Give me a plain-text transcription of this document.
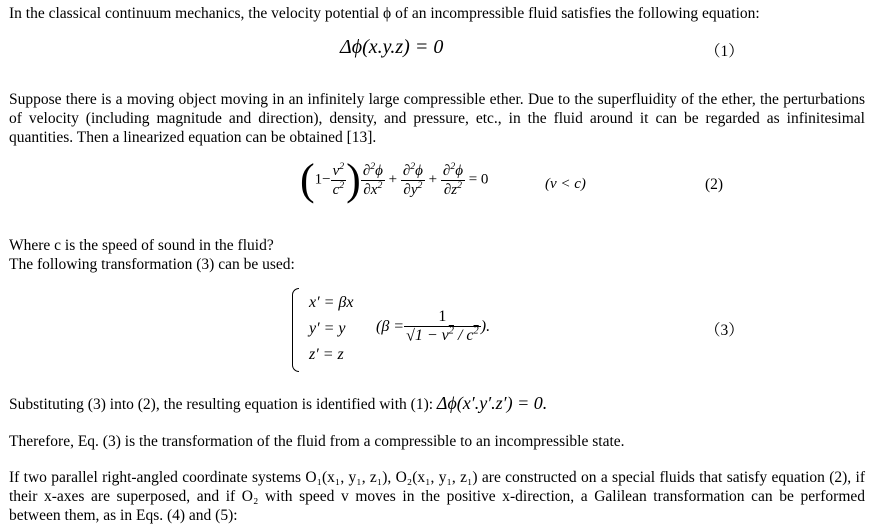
In the classical continuum mechanics, the velocity potential ϕ of an incompressible fluid satisfies the following equation:
Δϕ(x.y.z) = 0	（1）
Suppose there is a moving object moving in an infinitely large compressible ether. Due to the superfluidity of the ether, the perturbations of velocity (including magnitude and direction), density, and pressure, etc., in the fluid around it can be regarded as infinitesimal quantities. Then a linearized equation can be obtained [13].
($1- \frac{v^2}{c^2}$ ) $\frac{\partial^2\phi}{\partial x^2} + \frac{\partial^2\phi}{\partial y^2} + \frac{\partial^2\phi}{\partial z^2} = 0$	(v < c)	(2)
Where c is the speed of sound in the fluid?
The following transformation (3) can be used:
x′ = βx
y′ = y
z′ = z
($\beta = \frac{1}{√1 - v^2 / c^2}$ ).	（3）
Substituting (3) into (2), the resulting equation is identified with (1): Δϕ(x′.y′.z′) = 0.
Therefore, Eq. (3) is the transformation of the fluid from a compressible to an incompressible state.
If two parallel right-angled coordinate systems O₁(x₁, y₁, z₁), O₂(x₁, y₁, z₁) are constructed on a special fluids that satisfy equation (2), if their x-axes are superposed, and if O₂ with speed v moves in the positive x-direction, a Galilean transformation can be performed between them, as in Eqs. (4) and (5):
